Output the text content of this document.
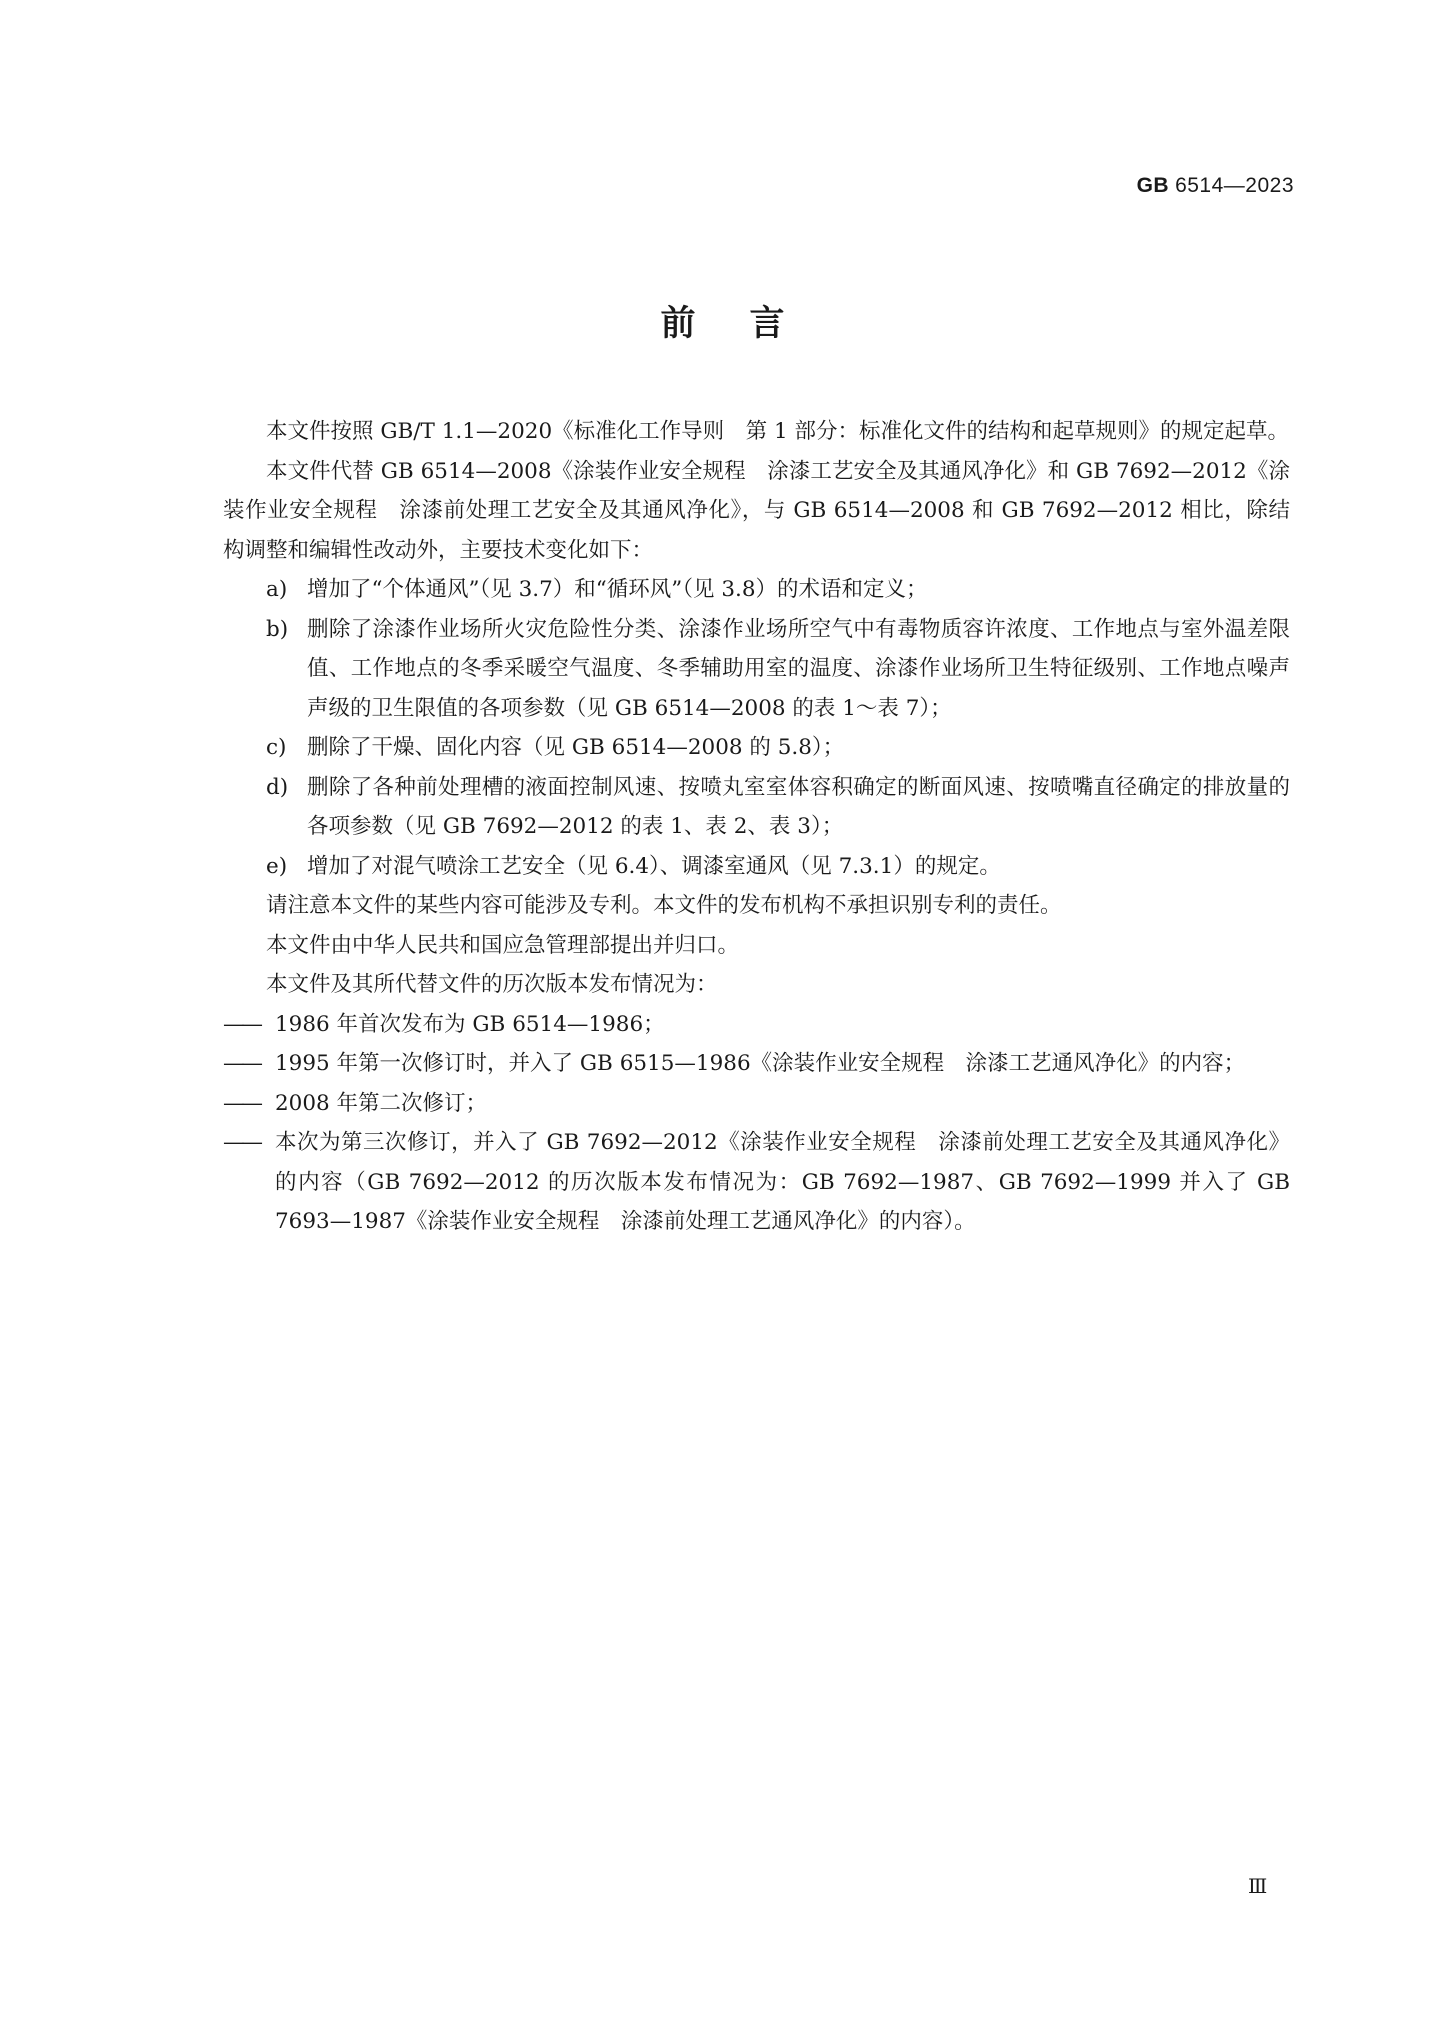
GB 6514—2023
前言

本文件按照 GB/T 1.1—2020《标准化工作导则　第 1 部分：标准化文件的结构和起草规则》的规定起草。

本文件代替 GB 6514—2008《涂装作业安全规程　涂漆工艺安全及其通风净化》和 GB 7692—2012《涂装作业安全规程　涂漆前处理工艺安全及其通风净化》，与 GB 6514—2008 和 GB 7692—2012 相比，除结构调整和编辑性改动外，主要技术变化如下：

a) 增加了“个体通风”（见 3.7）和“循环风”（见 3.8）的术语和定义；
b) 删除了涂漆作业场所火灾危险性分类、涂漆作业场所空气中有毒物质容许浓度、工作地点与室外温差限值、工作地点的冬季采暖空气温度、冬季辅助用室的温度、涂漆作业场所卫生特征级别、工作地点噪声声级的卫生限值的各项参数（见 GB 6514—2008 的表 1～表 7）；
c) 删除了干燥、固化内容（见 GB 6514—2008 的 5.8）；
d) 删除了各种前处理槽的液面控制风速、按喷丸室室体容积确定的断面风速、按喷嘴直径确定的排放量的各项参数（见 GB 7692—2012 的表 1、表 2、表 3）；
e) 增加了对混气喷涂工艺安全（见 6.4）、调漆室通风（见 7.3.1）的规定。

请注意本文件的某些内容可能涉及专利。本文件的发布机构不承担识别专利的责任。

本文件由中华人民共和国应急管理部提出并归口。

本文件及其所代替文件的历次版本发布情况为：

—— 1986 年首次发布为 GB 6514—1986；
—— 1995 年第一次修订时，并入了 GB 6515—1986《涂装作业安全规程　涂漆工艺通风净化》的内容；
—— 2008 年第二次修订；
—— 本次为第三次修订，并入了 GB 7692—2012《涂装作业安全规程　涂漆前处理工艺安全及其通风净化》的内容（GB 7692—2012 的历次版本发布情况为：GB 7692—1987、GB 7692—1999 并入了 GB 7693—1987《涂装作业安全规程　涂漆前处理工艺通风净化》的内容）。
Ⅲ
